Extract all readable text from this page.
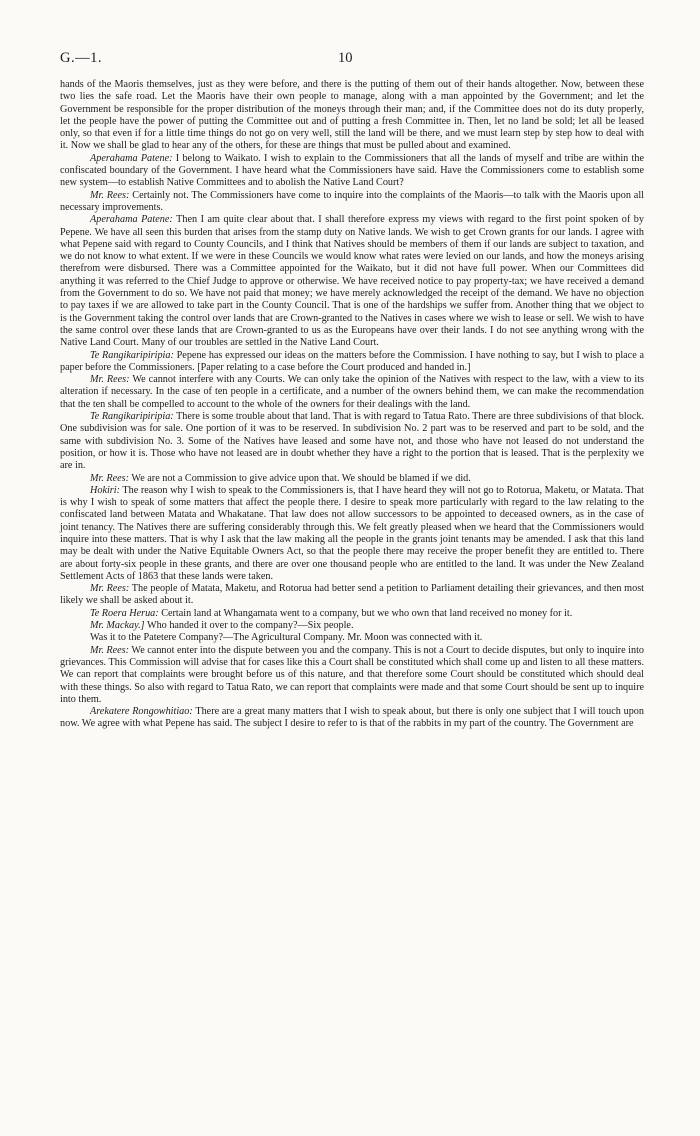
G.—1.	10

hands of the Maoris themselves, just as they were before, and there is the putting of them out of their hands altogether. Now, between these two lies the safe road. Let the Maoris have their own people to manage, along with a man appointed by the Government; and let the Government be responsible for the proper distribution of the moneys through their man; and, if the Committee does not do its duty properly, let the people have the power of putting the Committee out and of putting a fresh Committee in. Then, let no land be sold; let all be leased only, so that even if for a little time things do not go on very well, still the land will be there, and we must learn step by step how to deal with it. Now we shall be glad to hear any of the others, for these are things that must be pulled about and examined.

Aperahama Patene: I belong to Waikato. I wish to explain to the Commissioners that all the lands of myself and tribe are within the confiscated boundary of the Government. I have heard what the Commissioners have said. Have the Commissioners come to establish some new system—to establish Native Committees and to abolish the Native Land Court?

Mr. Rees: Certainly not. The Commissioners have come to inquire into the complaints of the Maoris—to talk with the Maoris upon all necessary improvements.

Aperahama Patene: Then I am quite clear about that. I shall therefore express my views with regard to the first point spoken of by Pepene. We have all seen this burden that arises from the stamp duty on Native lands. We wish to get Crown grants for our lands. I agree with what Pepene said with regard to County Councils, and I think that Natives should be members of them if our lands are subject to taxation, and we do not know to what extent. If we were in these Councils we would know what rates were levied on our lands, and how the moneys arising therefrom were disbursed. There was a Committee appointed for the Waikato, but it did not have full power. When our Committees did anything it was referred to the Chief Judge to approve or otherwise. We have received notice to pay property-tax; we have received a demand from the Government to do so. We have not paid that money; we have merely acknowledged the receipt of the demand. We have no objection to pay taxes if we are allowed to take part in the County Council. That is one of the hardships we suffer from. Another thing that we object to is the Government taking the control over lands that are Crown-granted to the Natives in cases where we wish to lease or sell. We wish to have the same control over these lands that are Crown-granted to us as the Europeans have over their lands. I do not see anything wrong with the Native Land Court. Many of our troubles are settled in the Native Land Court.

Te Rangikaripiripia: Pepene has expressed our ideas on the matters before the Commission. I have nothing to say, but I wish to place a paper before the Commissioners. [Paper relating to a case before the Court produced and handed in.]

Mr. Rees: We cannot interfere with any Courts. We can only take the opinion of the Natives with respect to the law, with a view to its alteration if necessary. In the case of ten people in a certificate, and a number of the owners behind them, we can make the recommendation that the ten shall be compelled to account to the whole of the owners for their dealings with the land.

Te Rangikaripiripia: There is some trouble about that land. That is with regard to Tatua Rato. There are three subdivisions of that block. One subdivision was for sale. One portion of it was to be reserved. In subdivision No. 2 part was to be reserved and part to be sold, and the same with subdivision No. 3. Some of the Natives have leased and some have not, and those who have not leased do not understand the position, or how it is. Those who have not leased are in doubt whether they have a right to the portion that is leased. That is the perplexity we are in.

Mr. Rees: We are not a Commission to give advice upon that. We should be blamed if we did.

Hokiri: The reason why I wish to speak to the Commissioners is, that I have heard they will not go to Rotorua, Maketu, or Matata. That is why I wish to speak of some matters that affect the people there. I desire to speak more particularly with regard to the law relating to the confiscated land between Matata and Whakatane. That law does not allow successors to be appointed to deceased owners, as in the case of joint tenancy. The Natives there are suffering considerably through this. We felt greatly pleased when we heard that the Commissioners would inquire into these matters. That is why I ask that the law making all the people in the grants joint tenants may be amended. I ask that this land may be dealt with under the Native Equitable Owners Act, so that the people there may receive the proper benefit they are entitled to. There are about forty-six people in these grants, and there are over one thousand people who are entitled to the land. It was under the New Zealand Settlement Acts of 1863 that these lands were taken.

Mr. Rees: The people of Matata, Maketu, and Rotorua had better send a petition to Parliament detailing their grievances, and then most likely we shall be asked about it.

Te Roera Herua: Certain land at Whangamata went to a company, but we who own that land received no money for it.

Mr. Mackay.] Who handed it over to the company?—Six people.

Was it to the Patetere Company?—The Agricultural Company. Mr. Moon was connected with it.

Mr. Rees: We cannot enter into the dispute between you and the company. This is not a Court to decide disputes, but only to inquire into grievances. This Commission will advise that for cases like this a Court shall be constituted which shall come up and listen to all these matters. We can report that complaints were brought before us of this nature, and that therefore some Court should be constituted which should deal with these things. So also with regard to Tatua Rato, we can report that complaints were made and that some Court should be sent up to inquire into them.

Arekatere Rongowhitiao: There are a great many matters that I wish to speak about, but there is only one subject that I will touch upon now. We agree with what Pepene has said. The subject I desire to refer to is that of the rabbits in my part of the country. The Government are
